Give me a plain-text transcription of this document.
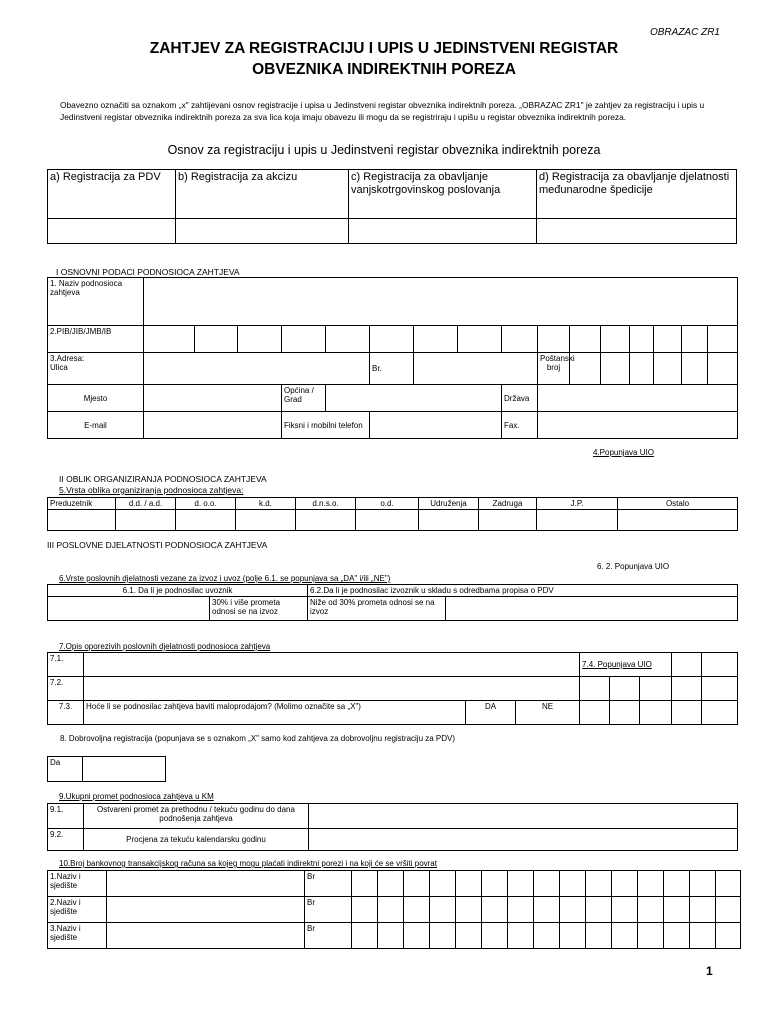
OBRAZAC ZR1
ZAHTJEV ZA REGISTRACIJU I UPIS U JEDINSTVENI REGISTAR
OBVEZNIKA INDIREKTNIH POREZA
Obavezno označiti sa oznakom „x" zahtijevani osnov registracije i upisa u Jedinstveni registar obveznika indirektnih poreza. „OBRAZAC ZR1" je zahtjev za registraciju i upis u Jedinstveni registar obveznika indirektnih poreza za sva lica koja imaju obavezu ili mogu da se registriraju i upišu u registar obveznika indirektnih poreza.
Osnov za registraciju i upis u Jedinstveni registar obveznika indirektnih poreza
a) Registracija za PDV	b) Registracija za akcizu	c) Registracija za obavljanje vanjskotrgovinskog poslovanja	d) Registracija za obavljanje djelatnosti međunarodne špedicije

I OSNOVNI PODACI PODNOSIOCA ZAHTJEVA
1. Naziv podnosioca zahtjeva																
2.PIB/JIB/JMB/IB																
3.Adresa:
Ulica						Br.				Poštanski broj						
Mjesto				Općina / Grad					Država							
E-mail				Fiksni i mobilni telefon					Fax.							
4.Popunjava UIO
II OBLIK ORGANIZIRANJA PODNOSIOCA ZAHTJEVA
5.Vrsta oblika organiziranja podnosioca zahtjeva:
Preduzetnik	d.d. / a.d.	d. o.o.	k.d.	d.n.s.o.	o.d.	Udruženja	Zadruga	J.P.	Ostalo

III POSLOVNE DJELATNOSTI PODNOSIOCA ZAHTJEVA
6. 2. Popunjava UIO
6.Vrste poslovnih djelatnosti vezane za izvoz i uvoz (polje 6.1. se popunjava sa „DA" i/ili „NE")
6.1. Da li je podnosilac uvoznik		6.2.Da li je podnosilac izvoznik u skladu s odredbama propisa o PDV	
	30% i više prometa odnosi se na izvoz	Niže od 30% prometa odnosi se na izvoz	
7.Opis oporezivih poslovnih djelatnosti podnosioca zahtjeva
7.1.				7.4. Popunjava UIO				
7.2.								
7.3.	Hoće li se podnosilac zahtjeva baviti maloprodajom? (Molimo označite sa „X")	DA	NE					
8. Dobrovoljna registracija (popunjava se s oznakom „X" samo kod zahtjeva za dobrovoljnu registraciju za PDV)
Da	
9.Ukupni promet podnosioca zahtjeva u KM
9.1.	Ostvareni promet za prethodnu / tekuću godinu do dana podnošenja zahtjeva	
9.2.	Procjena za tekuću kalendarsku godinu	
10.Broj bankovnog transakcijskog računa sa kojeg mogu plaćati indirektni porezi i na koji će se vršiti povrat
1.Naziv i sjedište		Br															
2.Naziv i sjedište		Br															
3.Naziv i sjedište		Br															
1
